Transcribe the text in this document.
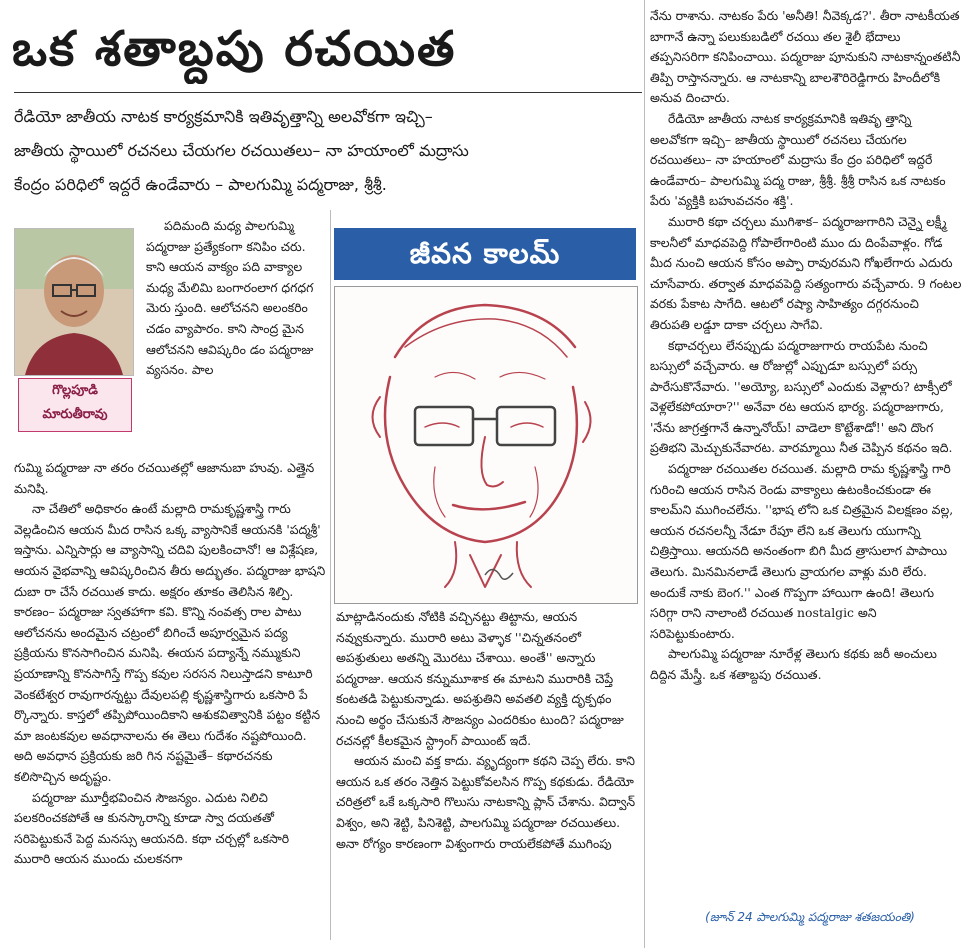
ఒక శతాబ్దపు రచయిత

రేడియో జాతీయ నాటక కార్యక్రమానికి ఇతివృత్తాన్ని అలవోకగా ఇచ్చి–

జాతీయ స్థాయిలో రచనలు చేయగల రచయితలు– నా హయాంలో మద్రాసు

కేంద్రం పరిధిలో ఇద్దరే ఉండేవారు – పాలగుమ్మి పద్మరాజు, శ్రీశ్రీ.

గొల్లపూడి
మారుతీరావు

పదిమంది మధ్య పాలగుమ్మి పద్మరాజు ప్రత్యేకంగా కనిపిం చరు. కాని ఆయన వాక్యం పది వాక్యాల మధ్య మేలిమి బంగారంలాగ ధగధగ మెరు స్తుంది. ఆలోచనని అలంకరిం చడం వ్యాపారం. కాని సాంద్ర మైన ఆలోచనని ఆవిష్కరిం డం పద్మరాజు వ్యసనం. పాల

గుమ్మి పద్మరాజు నా తరం రచయితల్లో ఆజానుబా హువు. ఎత్తైన మనిషి.

నా చేతిలో అధికారం ఉంటే మల్లాది రామకృష్ణశాస్త్రి గారు వెల్లడించిన ఆయన మీద రాసిన ఒక్క వ్యాసానికే ఆయనకి 'పద్మశ్రీ' ఇస్తాను. ఎన్నిసార్లు ఆ వ్యాసాన్ని చదివి పులకించానో! ఆ విశ్లేషణ, ఆయన వైభవాన్ని ఆవిష్కరించిన తీరు అద్భుతం. పద్మరాజు భాషని దుబా రా చేసే రచయిత కాదు. అక్షరం తూకం తెలిసిన శిల్పి. కారణం– పద్మరాజు స్వతహాగా కవి. కొన్ని నంవత్స రాల పాటు ఆలోచనను అందమైన చట్రంలో బిగించే అపూర్వమైన పద్య ప్రక్రియను కొనసాగించిన మనిషి. ఈయన పద్యాన్నే నమ్ముకుని ప్రయాణాన్ని కొనసాగిస్తే గొప్ప కవుల సరసన నిలుస్తాడని కాటూరి వెంకటేశ్వర రావుగారన్నట్టు దేవులపల్లి కృష్ణశాస్త్రిగారు ఒకసారి పే ర్కొన్నారు. కాస్తలో తప్పిపోయిందికాని ఆశుకవిత్వానికి పట్టం కట్టిన మా జంటకవుల అవధానాలను ఈ తెలు గుదేశం నష్టపోయింది. అది అవధాన ప్రక్రియకు జరి గిన నష్టమైతే– కథారచనకు కలిసొచ్చిన అదృష్టం.

పద్మరాజు మూర్తీభవించిన సౌజన్యం. ఎదుట నిలిచి పలకరించకపోతే ఆ కునస్కారాన్ని కూడా స్వా దయతతో సరిపెట్టుకునే పెద్ద మనస్సు ఆయనది. కథా చర్చల్లో ఒకసారి మురారి ఆయన ముందు చులకనగా

జీవన కాలమ్

మాట్లాడినందుకు నోటికి వచ్చినట్టు తిట్టాను, ఆయన నవ్వుకున్నారు. మురారి అటు వెళ్ళాక ''చిన్నతనంలో అపశ్రుతులు అతన్ని మొరటు చేశాయి. అంతే'' అన్నారు పద్మరాజు. ఆయన కన్నుమూశాక ఈ మాటని మురారికి చెప్తే కంటతడి పెట్టుకున్నాడు. అపశ్రుతిని అవతలి వ్యక్తి దృక్పథం నుంచి అర్థం చేసుకునే సౌజన్యం ఎందరికుం టుంది? పద్మరాజు రచనల్లో కీలకమైన స్ట్రాంగ్ పాయింట్ ఇదే.

ఆయన మంచి వక్త కాదు. వ్యృద్యంగా కథని చెప్ప లేరు. కాని ఆయన ఒక తరం నెత్తిన పెట్టుకోవలసిన గొప్ప కథకుడు. రేడియో చరిత్రలో ఒకే ఒక్కసారి గొలుసు నాటకాన్ని ప్లాన్ చేశాను. విద్వాన్ విశ్వం, అని శెట్టి, పినిశెట్టి, పాలగుమ్మి పద్మరాజు రచయితలు. అనా రోగ్యం కారణంగా విశ్వంగారు రాయలేకపోతే ముగింపు

నేను రాశాను. నాటకం పేరు 'అనీతి! నీవెక్కడ?'. తీరా నాటకీయత బాగానే ఉన్నా పలుకుబడిలో రచయి తల శైలీ భేదాలు తప్పనిసరిగా కనిపించాయి. పద్మరాజు పూనుకుని నాటకాన్నంతటినీ తిప్పి రాస్తానన్నారు. ఆ నాటకాన్ని బాలశౌరిరెడ్డిగారు హిందీలోకి అనువ దించారు.

రేడియో జాతీయ నాటక కార్యక్రమానికి ఇతివృ త్తాన్ని అలవోకగా ఇచ్చి– జాతీయ స్థాయిలో రచనలు చేయగల రచయితలు– నా హయాంలో మద్రాసు కేం ద్రం పరిధిలో ఇద్దరే ఉండేవారు– పాలగుమ్మి పద్మ రాజు, శ్రీశ్రీ. శ్రీశ్రీ రాసిన ఒక నాటకం పేరు 'వ్యక్తికి బహువచనం శక్తి'.

మురారి కథా చర్చలు ముగిశాక– పద్మరాజుగారిని చెన్నై లక్ష్మీ కాలనీలో మాధవపెద్ది గోపాలేగారింటి ముం దు దింపేవాళ్లం. గోడ మీద నుంచి ఆయన కోసం అప్పా రావురమని గోఖలేగారు ఎదురు చూసేవారు. తర్వాత మాధవపెద్ది సత్యంగారు వచ్చేవారు. 9 గంటల వరకు పేకాట సాగేది. ఆటలో రష్యా సాహిత్యం దగ్గరనుంచి తిరుపతి లడ్డూ దాకా చర్చలు సాగేవి.

కథాచర్చలు లేనప్పుడు పద్మరాజుగారు రాయపేట నుంచి బస్సులో వచ్చేవారు. ఆ రోజుల్లో ఎప్పుడూ బస్సులో పర్సు పారేసుకొనేవారు. ''అయ్యో, బస్సులో ఎందుకు వెళ్లారు? టాక్సీలో వెళ్లలేకపోయారా?'' అనేవా రట ఆయన భార్య. పద్మరాజుగారు, 'నేను జాగ్రత్తగానే ఉన్నానోయ్! వాడెలా కొట్టేశాడో!' అని దొంగ ప్రతిభని మెచ్చుకునేవారట. వారమ్మాయి నీత చెప్పిన కథనం ఇది.

పద్మరాజు రచయితల రచయిత. మల్లాది రామ కృష్ణశాస్త్రి గారి గురించి ఆయన రాసిన రెండు వాక్యాలు ఉటంకించకుండా ఈ కాలమ్‌ని ముగించలేను. ''భాష లోని ఒక చిత్రమైన విలక్షణం వల్ల, ఆయన రచనలన్నీ నేడూ రేపూ లేని ఒక తెలుగు యుగాన్ని చిత్రిస్తాయి. ఆయనది అనంతంగా బిగి మీద త్రాసులాగ పాపాయి తెలుగు. మినమినలాడే తెలుగు వ్రాయగల వాళ్లు మరి లేరు. అందుకే నాకు బెంగ.'' ఎంత గొప్పగా హాయిగా ఉంది! తెలుగు సరిగ్గా రాని నాలాంటి రచయిత nostalgic అని సరిపెట్టుకుంటారు.

పాలగుమ్మి పద్మరాజు నూరేళ్ల తెలుగు కథకు జరీ అంచులు దిద్దిన మేస్త్రీ. ఒక శతాబ్దపు రచయిత.

(జూన్ 24 పాలగుమ్మి పద్మరాజు శతజయంతి)
